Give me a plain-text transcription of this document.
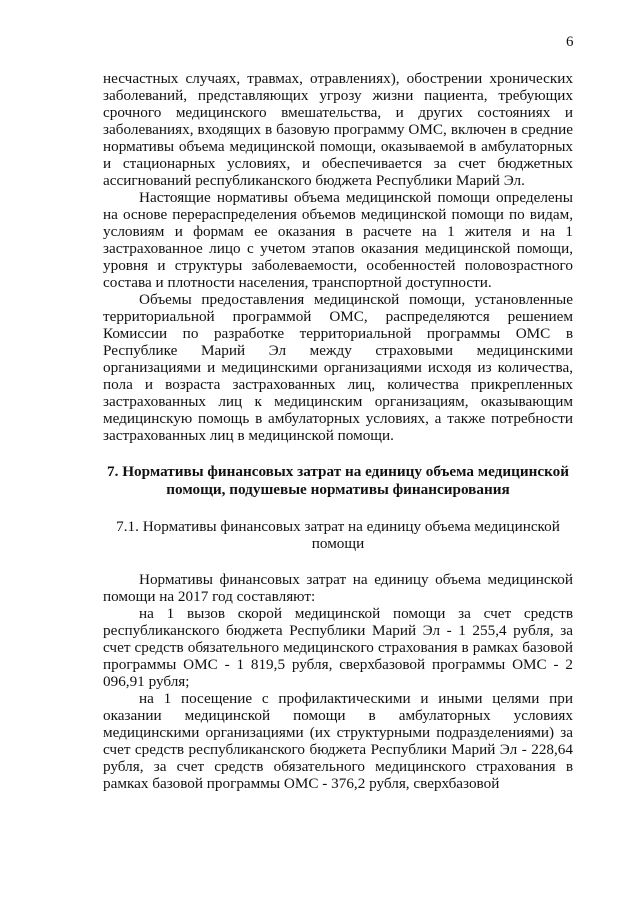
6

несчастных случаях, травмах, отравлениях), обострении хронических заболеваний, представляющих угрозу жизни пациента, требующих срочного медицинского вмешательства, и других состояниях и заболеваниях, входящих в базовую программу ОМС, включен в средние нормативы объема медицинской помощи, оказываемой в амбулаторных и стационарных условиях, и обеспечивается за счет бюджетных ассигнований республиканского бюджета Республики Марий Эл.

Настоящие нормативы объема медицинской помощи определены на основе перераспределения объемов медицинской помощи по видам, условиям и формам ее оказания в расчете на 1 жителя и на 1 застрахованное лицо с учетом этапов оказания медицинской помощи, уровня и структуры заболеваемости, особенностей половозрастного состава и плотности населения, транспортной доступности.

Объемы предоставления медицинской помощи, установленные территориальной программой ОМС, распределяются решением Комиссии по разработке территориальной программы ОМС в Республике Марий Эл между страховыми медицинскими организациями и медицинскими организациями исходя из количества, пола и возраста застрахованных лиц, количества прикрепленных застрахованных лиц к медицинским организациям, оказывающим медицинскую помощь в амбулаторных условиях, а также потребности застрахованных лиц в медицинской помощи.

7. Нормативы финансовых затрат на единицу объема медицинской помощи, подушевые нормативы финансирования

7.1. Нормативы финансовых затрат на единицу объема медицинской помощи

Нормативы финансовых затрат на единицу объема медицинской помощи на 2017 год составляют:

на 1 вызов скорой медицинской помощи за счет средств республиканского бюджета Республики Марий Эл - 1 255,4 рубля, за счет средств обязательного медицинского страхования в рамках базовой программы ОМС - 1 819,5 рубля, сверхбазовой программы ОМС - 2 096,91 рубля;

на 1 посещение с профилактическими и иными целями при оказании медицинской помощи в амбулаторных условиях медицинскими организациями (их структурными подразделениями) за счет средств республиканского бюджета Республики Марий Эл - 228,64 рубля, за счет средств обязательного медицинского страхования в рамках базовой программы ОМС - 376,2 рубля, сверхбазовой
